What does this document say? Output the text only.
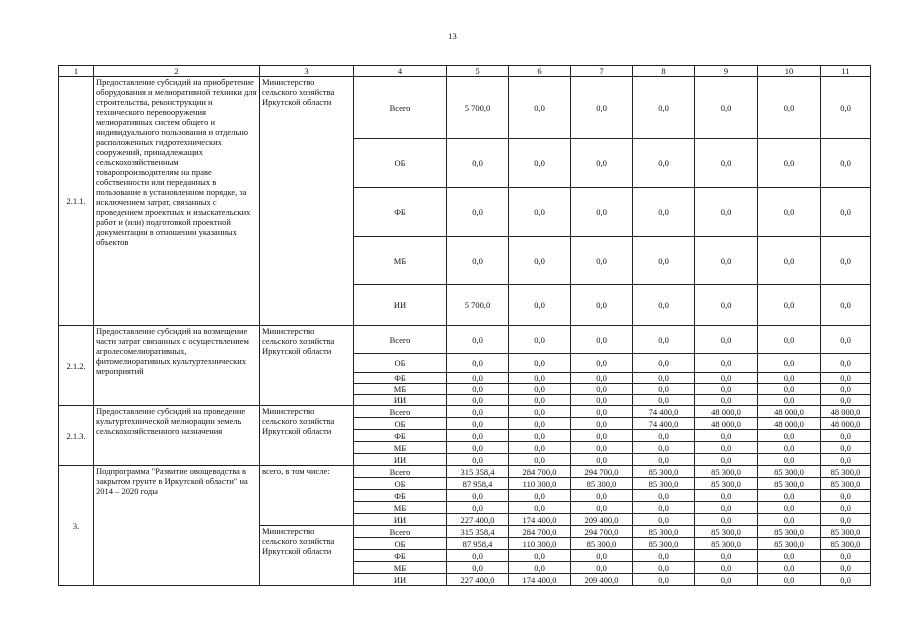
13
1	2	3	4	5	6	7	8	9	10	11
2.1.1.	Предоставление субсидий на приобретение оборудования и мелиоративной техники для строительства, реконструкции и технического перевооружения мелиоративных систем общего и индивидуального пользования и отдельно расположенных гидротехнических сооружений, принадлежащих сельскохозяйственным товаропроизводителям на праве собственности или переданных в пользование в установленном порядке, за исключением затрат, связанных с проведением проектных и изыскательских работ и (или) подготовкой проектной документации в отношении указанных объектов	Министерство сельского хозяйства Иркутской области	Всего	5 700,0	0,0	0,0	0,0	0,0	0,0	0,0
			ОБ	0,0	0,0	0,0	0,0	0,0	0,0	0,0
			ФБ	0,0	0,0	0,0	0,0	0,0	0,0	0,0
			МБ	0,0	0,0	0,0	0,0	0,0	0,0	0,0
			ИИ	5 700,0	0,0	0,0	0,0	0,0	0,0	0,0
2.1.2.	Предоставление субсидий на возмещение части затрат связанных с осуществлением агролесомелиоративных, фитомелиоративных культуртехнических мероприятий	Министерство сельского хозяйства Иркутской области	Всего	0,0	0,0	0,0	0,0	0,0	0,0	0,0
			ОБ	0,0	0,0	0,0	0,0	0,0	0,0	0,0
			ФБ	0,0	0,0	0,0	0,0	0,0	0,0	0,0
			МБ	0,0	0,0	0,0	0,0	0,0	0,0	0,0
			ИИ	0,0	0,0	0,0	0,0	0,0	0,0	0,0
2.1.3.	Предоставление субсидий на проведение культуртехнической мелиорации земель сельскохозяйственного назначения	Министерство сельского хозяйства Иркутской области	Всего	0,0	0,0	0,0	74 400,0	48 000,0	48 000,0	48 000,0
			ОБ	0,0	0,0	0,0	74 400,0	48 000,0	48 000,0	48 000,0
			ФБ	0,0	0,0	0,0	0,0	0,0	0,0	0,0
			МБ	0,0	0,0	0,0	0,0	0,0	0,0	0,0
			ИИ	0,0	0,0	0,0	0,0	0,0	0,0	0,0
3.	Подпрограмма "Развитие овощеводства в закрытом грунте в Иркутской области" на 2014 – 2020 годы	всего, в том числе:	Всего	315 358,4	284 700,0	294 700,0	85 300,0	85 300,0	85 300,0	85 300,0
			ОБ	87 958,4	110 300,0	85 300,0	85 300,0	85 300,0	85 300,0	85 300,0
			ФБ	0,0	0,0	0,0	0,0	0,0	0,0	0,0
			МБ	0,0	0,0	0,0	0,0	0,0	0,0	0,0
			ИИ	227 400,0	174 400,0	209 400,0	0,0	0,0	0,0	0,0
		Министерство сельского хозяйства Иркутской области	Всего	315 358,4	284 700,0	294 700,0	85 300,0	85 300,0	85 300,0	85 300,0
			ОБ	87 958,4	110 300,0	85 300,0	85 300,0	85 300,0	85 300,0	85 300,0
			ФБ	0,0	0,0	0,0	0,0	0,0	0,0	0,0
			МБ	0,0	0,0	0,0	0,0	0,0	0,0	0,0
			ИИ	227 400,0	174 400,0	209 400,0	0,0	0,0	0,0	0,0
